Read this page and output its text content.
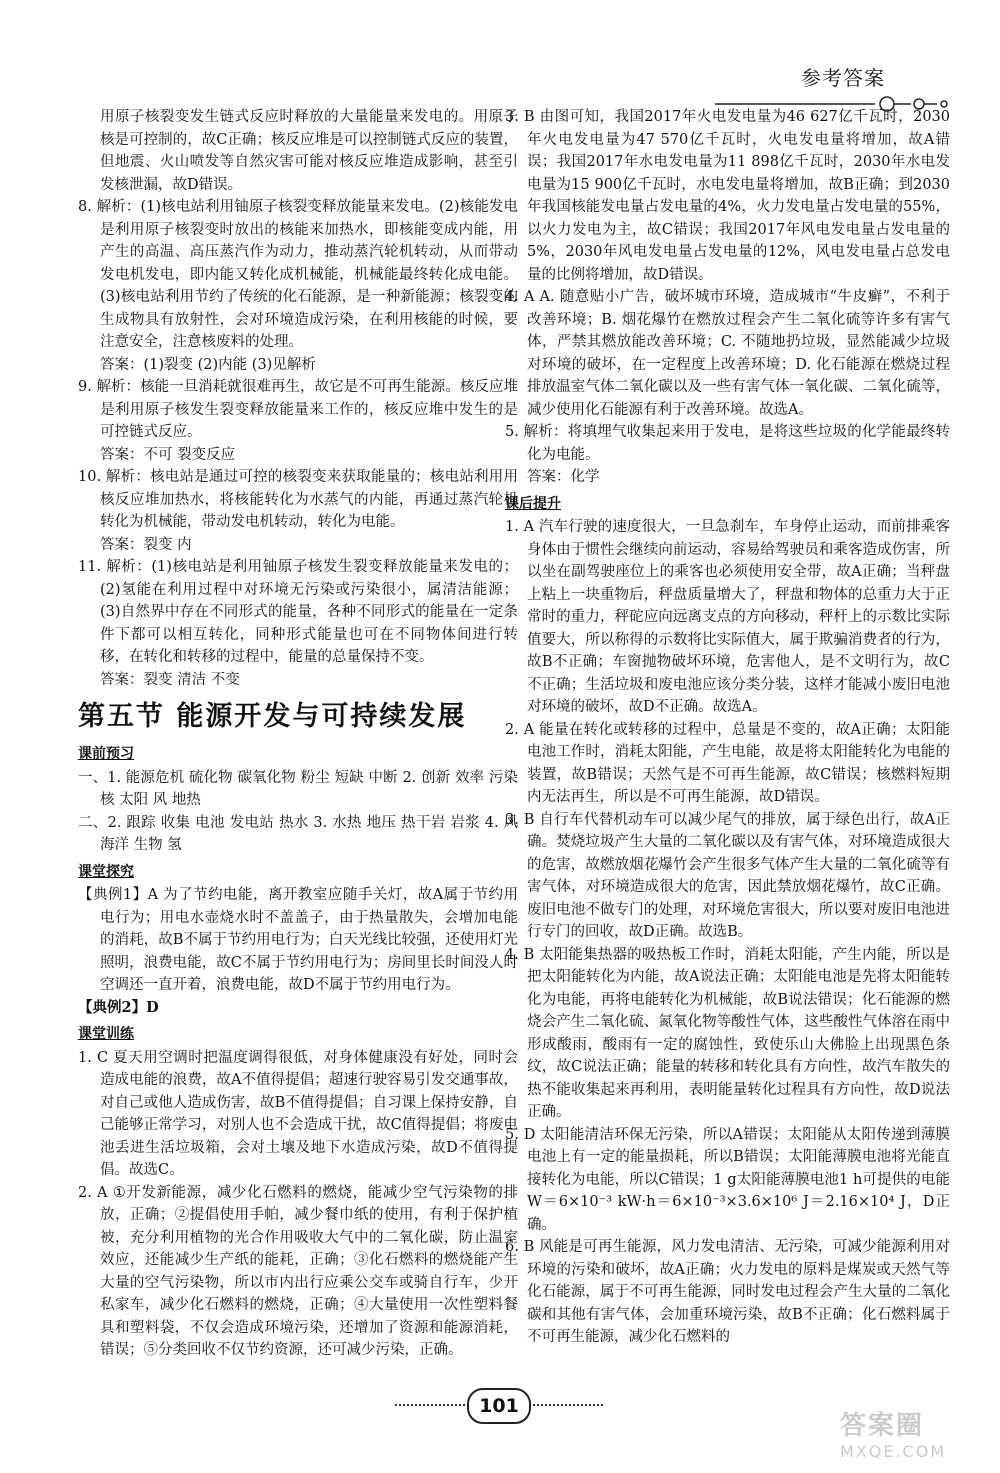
参考答案

用原子核裂变发生链式反应时释放的大量能量来发电的。用原子核是可控制的，故C正确；核反应堆是可以控制链式反应的装置，但地震、火山喷发等自然灾害可能对核反应堆造成影响，甚至引发核泄漏，故D错误。

8. 解析：(1)核电站利用铀原子核裂变释放能量来发电。(2)核能发电是利用原子核裂变时放出的核能来加热水，即核能变成内能，用产生的高温、高压蒸汽作为动力，推动蒸汽轮机转动，从而带动发电机发电，即内能又转化成机械能，机械能最终转化成电能。(3)核电站利用节约了传统的化石能源，是一种新能源；核裂变的生成物具有放射性，会对环境造成污染，在利用核能的时候，要注意安全，注意核废料的处理。

答案：(1)裂变 (2)内能 (3)见解析

9. 解析：核能一旦消耗就很难再生，故它是不可再生能源。核反应堆是利用原子核发生裂变释放能量来工作的，核反应堆中发生的是可控链式反应。

答案：不可 裂变反应

10. 解析：核电站是通过可控的核裂变来获取能量的；核电站利用用核反应堆加热水，将核能转化为水蒸气的内能，再通过蒸汽轮机转化为机械能，带动发电机转动，转化为电能。

答案：裂变 内

11. 解析：(1)核电站是利用铀原子核发生裂变释放能量来发电的；(2)氢能在利用过程中对环境无污染或污染很小，属清洁能源；(3)自然界中存在不同形式的能量，各种不同形式的能量在一定条件下都可以相互转化，同种形式能量也可在不同物体间进行转移，在转化和转移的过程中，能量的总量保持不变。

答案：裂变 清洁 不变

第五节 能源开发与可持续发展
课前预习

一、1. 能源危机 硫化物 碳氧化物 粉尘 短缺 中断 2. 创新 效率 污染 核 太阳 风 地热

二、2. 跟踪 收集 电池 发电站 热水 3. 水热 地压 热干岩 岩浆 4. 风 海洋 生物 氢

课堂探究

【典例1】A 为了节约电能，离开教室应随手关灯，故A属于节约用电行为；用电水壶烧水时不盖盖子，由于热量散失，会增加电能的消耗，故B不属于节约用电行为；白天光线比较强，还使用灯光照明，浪费电能，故C不属于节约用电行为；房间里长时间没人时空调还一直开着，浪费电能，故D不属于节约用电行为。

【典例2】D

课堂训练

1. C 夏天用空调时把温度调得很低，对身体健康没有好处，同时会造成电能的浪费，故A不值得提倡；超速行驶容易引发交通事故，对自己或他人造成伤害，故B不值得提倡；自习课上保持安静，自己能够正常学习，对别人也不会造成干扰，故C值得提倡；将废电池丢进生活垃圾箱，会对土壤及地下水造成污染，故D不值得提倡。故选C。

2. A ①开发新能源，减少化石燃料的燃烧，能减少空气污染物的排放，正确；②提倡使用手帕，减少餐巾纸的使用，有利于保护植被，充分利用植物的光合作用吸收大气中的二氧化碳，防止温室效应，还能减少生产纸的能耗，正确；③化石燃料的燃烧能产生大量的空气污染物，所以市内出行应乘公交车或骑自行车，少开私家车，减少化石燃料的燃烧，正确；④大量使用一次性塑料餐具和塑料袋，不仅会造成环境污染，还增加了资源和能源消耗，错误；⑤分类回收不仅节约资源，还可减少污染，正确。

3. B 由图可知，我国2017年火电发电量为46 627亿千瓦时，2030年火电发电量为47 570亿千瓦时，火电发电量将增加，故A错误；我国2017年水电发电量为11 898亿千瓦时，2030年水电发电量为15 900亿千瓦时，水电发电量将增加，故B正确；到2030年我国核能发电量占发电量的4%，火力发电量占发电量的55%，以火力发电为主，故C错误；我国2017年风电发电量占发电量的5%，2030年风电发电量占发电量的12%，风电发电量占总发电量的比例将增加，故D错误。

4. A A. 随意贴小广告，破坏城市环境，造成城市“牛皮癣”，不利于改善环境；B. 烟花爆竹在燃放过程会产生二氧化硫等许多有害气体，严禁其燃放能改善环境；C. 不随地扔垃圾，显然能减少垃圾对环境的破坏，在一定程度上改善环境；D. 化石能源在燃烧过程排放温室气体二氧化碳以及一些有害气体一氧化碳、二氧化硫等，减少使用化石能源有利于改善环境。故选A。

5. 解析：将填埋气收集起来用于发电，是将这些垃圾的化学能最终转化为电能。

答案：化学

课后提升

1. A 汽车行驶的速度很大，一旦急刹车，车身停止运动，而前排乘客身体由于惯性会继续向前运动，容易给驾驶员和乘客造成伤害，所以坐在副驾驶座位上的乘客也必须使用安全带，故A正确；当秤盘上粘上一块重物后，秤盘质量增大了，秤盘和物体的总重力大于正常时的重力，秤砣应向远离支点的方向移动，秤杆上的示数比实际值要大，所以称得的示数将比实际值大，属于欺骗消费者的行为，故B不正确；车窗抛物破坏环境，危害他人，是不文明行为，故C不正确；生活垃圾和废电池应该分类分装，这样才能减小废旧电池对环境的破坏，故D不正确。故选A。

2. A 能量在转化或转移的过程中，总量是不变的，故A正确；太阳能电池工作时，消耗太阳能，产生电能，故是将太阳能转化为电能的装置，故B错误；天然气是不可再生能源，故C错误；核燃料短期内无法再生，所以是不可再生能源，故D错误。

3. B 自行车代替机动车可以减少尾气的排放，属于绿色出行，故A正确。焚烧垃圾产生大量的二氧化碳以及有害气体，对环境造成很大的危害，故燃放烟花爆竹会产生很多气体产生大量的二氧化硫等有害气体，对环境造成很大的危害，因此禁放烟花爆竹，故C正确。废旧电池不做专门的处理，对环境危害很大，所以要对废旧电池进行专门的回收，故D正确。故选B。

4. B 太阳能集热器的吸热板工作时，消耗太阳能，产生内能，所以是把太阳能转化为内能，故A说法正确；太阳能电池是先将太阳能转化为电能，再将电能转化为机械能，故B说法错误；化石能源的燃烧会产生二氧化硫、氮氧化物等酸性气体，这些酸性气体溶在雨中形成酸雨，酸雨有一定的腐蚀性，致使乐山大佛脸上出现黑色条纹，故C说法正确；能量的转移和转化具有方向性，故汽车散失的热不能收集起来再利用，表明能量转化过程具有方向性，故D说法正确。

5. D 太阳能清洁环保无污染，所以A错误；太阳能从太阳传递到薄膜电池上有一定的能量损耗，所以B错误；太阳能薄膜电池将光能直接转化为电能，所以C错误；1 g太阳能薄膜电池1 h可提供的电能W＝6×10⁻³ kW·h＝6×10⁻³×3.6×10⁶ J＝2.16×10⁴ J，D正确。

6. B 风能是可再生能源，风力发电清洁、无污染，可减少能源利用对环境的污染和破坏，故A正确；火力发电的原料是煤炭或天然气等化石能源，属于不可再生能源，同时发电过程会产生大量的二氧化碳和其他有害气体，会加重环境污染，故B不正确；化石燃料属于不可再生能源，减少化石燃料的

101
答案圈
MXQE.COM
